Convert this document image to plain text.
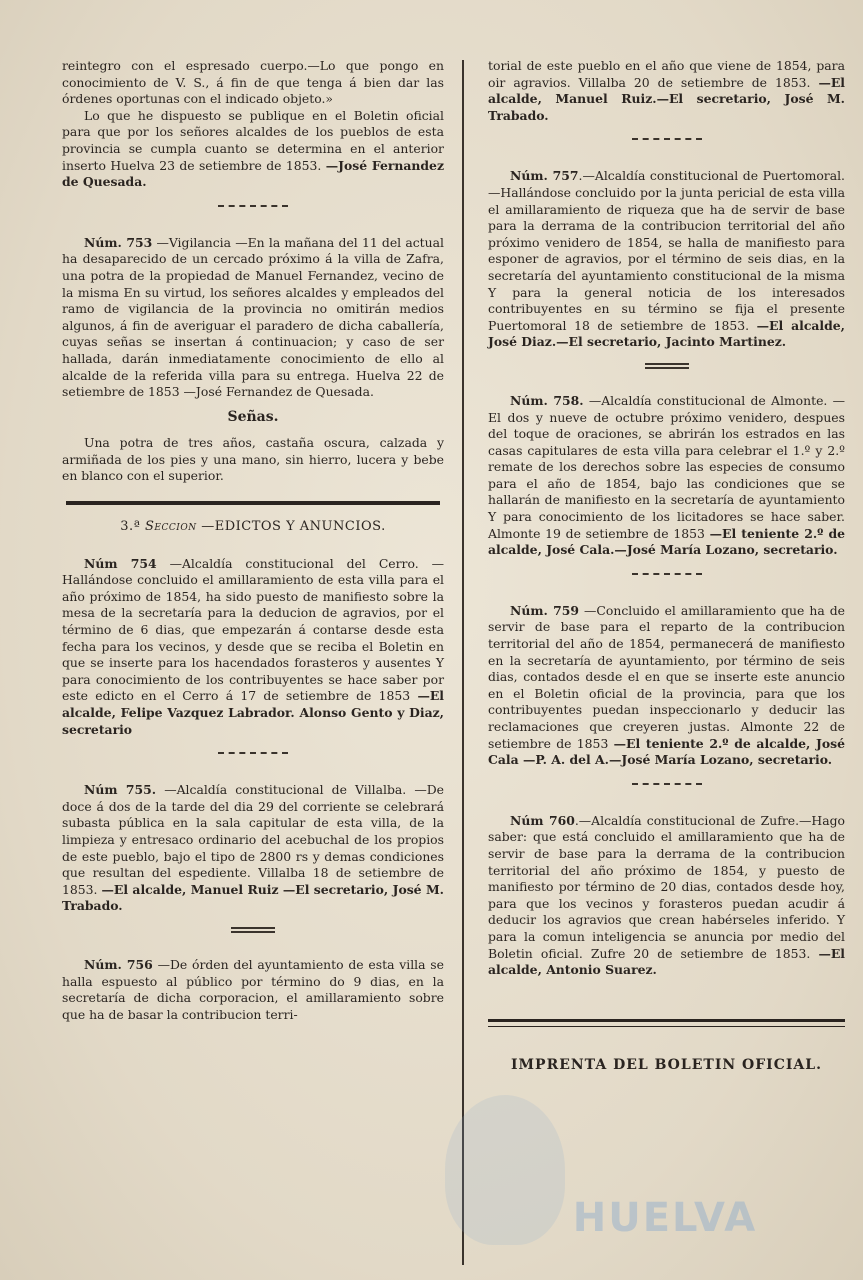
reintegro con el espresado cuerpo.—Lo que pongo en conocimiento de V. S., á fin de que tenga á bien dar las órdenes oportunas con el indicado objeto.»

Lo que he dispuesto se publique en el Boletin oficial para que por los señores alcaldes de los pueblos de esta provincia se cumpla cuanto se determina en el anterior inserto Huelva 23 de setiembre de 1853. —José Fernandez de Quesada.

Núm. 753 —Vigilancia —En la mañana del 11 del actual ha desaparecido de un cercado próximo á la villa de Zafra, una potra de la propiedad de Manuel Fernandez, vecino de la misma En su virtud, los señores alcaldes y empleados del ramo de vigilancia de la provincia no omitirán medios algunos, á fin de averiguar el paradero de dicha caballería, cuyas señas se insertan á continuacion; y caso de ser hallada, darán inmediatamente conocimiento de ello al alcalde de la referida villa para su entrega. Huelva 22 de setiembre de 1853 —José Fernandez de Quesada.

Señas.

Una potra de tres años, castaña oscura, calzada y armiñada de los pies y una mano, sin hierro, lucera y bebe en blanco con el superior.

3.ª Seccion —EDICTOS Y ANUNCIOS.

Núm 754 —Alcaldía constitucional del Cerro. —Hallándose concluido el amillaramiento de esta villa para el año próximo de 1854, ha sido puesto de manifiesto sobre la mesa de la secretaría para la deducion de agravios, por el término de 6 dias, que empezarán á contarse desde esta fecha para los vecinos, y desde que se reciba el Boletin en que se inserte para los hacendados forasteros y ausentes Y para conocimiento de los contribuyentes se hace saber por este edicto en el Cerro á 17 de setiembre de 1853 —El alcalde, Felipe Vazquez Labrador. Alonso Gento y Diaz, secretario

Núm 755. —Alcaldía constitucional de Villalba. —De doce á dos de la tarde del dia 29 del corriente se celebrará subasta pública en la sala capitular de esta villa, de la limpieza y entresaco ordinario del acebuchal de los propios de este pueblo, bajo el tipo de 2800 rs y demas condiciones que resultan del espediente. Villalba 18 de setiembre de 1853. —El alcalde, Manuel Ruiz —El secretario, José M. Trabado.

Núm. 756 —De órden del ayuntamiento de esta villa se halla espuesto al público por término do 9 dias, en la secretaría de dicha corporacion, el amillaramiento sobre que ha de basar la contribucion terri-

torial de este pueblo en el año que viene de 1854, para oir agravios. Villalba 20 de setiembre de 1853. —El alcalde, Manuel Ruiz.—El secretario, José M. Trabado.

Núm. 757.—Alcaldía constitucional de Puertomoral.—Hallándose concluido por la junta pericial de esta villa el amillaramiento de riqueza que ha de servir de base para la derrama de la contribucion territorial del año próximo venidero de 1854, se halla de manifiesto para esponer de agravios, por el término de seis dias, en la secretaría del ayuntamiento constitucional de la misma Y para la general noticia de los interesados contribuyentes en su término se fija el presente Puertomoral 18 de setiembre de 1853. —El alcalde, José Diaz.—El secretario, Jacinto Martinez.

Núm. 758. —Alcaldía constitucional de Almonte. —El dos y nueve de octubre próximo venidero, despues del toque de oraciones, se abrirán los estrados en las casas capitulares de esta villa para celebrar el 1.º y 2.º remate de los derechos sobre las especies de consumo para el año de 1854, bajo las condiciones que se hallarán de manifiesto en la secretaría de ayuntamiento Y para conocimiento de los licitadores se hace saber. Almonte 19 de setiembre de 1853 —El teniente 2.º de alcalde, José Cala.—José María Lozano, secretario.

Núm. 759 —Concluido el amillaramiento que ha de servir de base para el reparto de la contribucion territorial del año de 1854, permanecerá de manifiesto en la secretaría de ayuntamiento, por término de seis dias, contados desde el en que se inserte este anuncio en el Boletin oficial de la provincia, para que los contribuyentes puedan inspeccionarlo y deducir las reclamaciones que creyeren justas. Almonte 22 de setiembre de 1853 —El teniente 2.º de alcalde, José Cala —P. A. del A.—José María Lozano, secretario.

Núm 760.—Alcaldía constitucional de Zufre.—Hago saber: que está concluido el amillaramiento que ha de servir de base para la derrama de la contribucion territorial del año próximo de 1854, y puesto de manifiesto por término de 20 dias, contados desde hoy, para que los vecinos y forasteros puedan acudir á deducir los agravios que crean habérseles inferido. Y para la comun inteligencia se anuncia por medio del Boletin oficial. Zufre 20 de setiembre de 1853. —El alcalde, Antonio Suarez.

IMPRENTA DEL BOLETIN OFICIAL.
HUELVA
